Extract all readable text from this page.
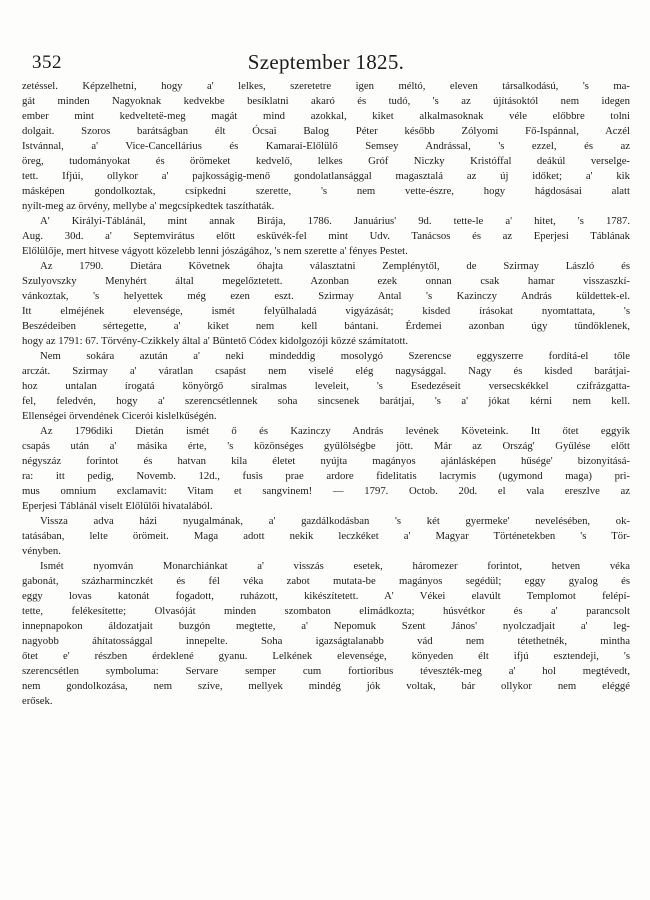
352	Szeptember 1825.
zetéssel. Képzelhetni, hogy a' lelkes, szeretetre igen méltó, eleven társalkodású, 's ma-
gát minden Nagyoknak kedvekbe besíklatni akaró és tudó, 's az újításoktól nem idegen
ember mint kedveltetë-meg magát mind azokkal, kiket alkalmasoknak véle előbbre tolni
dolgait. Szoros barátságban élt Ócsai Balog Péter később Zólyomi Fő-Ispánnal, Aczél
Istvánnal, a' Vice-Cancellárius és Kamarai-Előlülő Semsey Andrással, 's ezzel, és az
öreg, tudományokat és örömeket kedvelő, lelkes Gróf Niczky Kristóffal deákúl verselge-
tett. Ifjúi, ollykor a' pajkosságig-menő gondolatlansággal magasztalá az új időket; a' kik
másképen gondolkoztak, csípkedni szerette, 's nem vette-észre, hogy hágdosásai alatt
nyílt-meg az örvény, mellybe a' megcsípkedtek taszíthaták.
A' Királyi-Táblánál, mint annak Birája, 1786. Januárius' 9d. tette-le a' hitet, 's 1787.
Aug. 30d. a' Septemvirátus előtt esküvék-fel mint Udv. Tanácsos és az Eperjesi Táblának
Előlülője, mert hitvese vágyott közelebb lenni jószágához, 's nem szerette a' fényes Pestet.
Az 1790. Dietára Követnek óhajta választatni Zemplénytől, de Szirmay László és
Szulyovszky Menyhért által megelőztetett. Azonban ezek onnan csak hamar visszaszkí-
vánkoztak, 's helyettek még ezen eszt. Szirmay Antal 's Kazinczy András küldettek-el.
Itt elméjének elevensége, ismét felyülhaladá vigyázását; kisded írásokat nyomtattata, 's
Beszédeiben sértegette, a' kiket nem kell bántani. Érdemei azonban úgy tündöklenek,
hogy az 1791: 67. Törvény-Czikkely által a' Büntető Códex kidolgozóji közzé számítatott.
Nem sokára azután a' neki mindeddig mosolygó Szerencse eggyszerre fordítá-el tőle
arczát. Szirmay a' váratlan csapást nem viselé elég nagysággal. Nagy és kisded barátjai-
hoz untalan írogatá könyörgő siralmas leveleit, 's Esedezéseit versecskékkel czifrázgatta-
fel, feledvén, hogy a' szerencsétlennek soha sincsenek barátjai, 's a' jókat kérni nem kell.
Ellenségei örvendének Cicerói kislelkűségén.
Az 1796diki Dietán ismét ő és Kazinczy András levének Követeink. Itt őtet eggyik
csapás után a' másika érte, 's közönséges gyűlölségbe jött. Már az Ország' Gyűlése előtt
négyszáz forintot és hatvan kila életet nyújta magányos ajánlásképen hűsége' bizonyításá-
ra: itt pedig, Novemb. 12d., fusis prae ardore fidelitatis lacrymis (ugymond maga) pri-
mus omnium exclamavit: Vitam et sangvinem! — 1797. Octob. 20d. el vala ereszlve az
Eperjesi Táblánál viselt Előlülői hivatalából.
Vissza adva házi nyugalmának, a' gazdálkodásban 's két gyermeke' nevelésében, ok-
tatásában, lelte örömeit. Maga adott nekik leczkéket a' Magyar Történetekben 's Tör-
vényben.
Ismét nyomván Monarchiánkat a' visszás esetek, háromezer forintot, hetven véka
gabonát, százharminczkét és fél véka zabot mutata-be magányos segédül; eggy gyalog és
eggy lovas katonát fogadott, ruházott, kikészítetett. A' Vékei elavúlt Templomot felépí-
tette, felékesítette; Olvasóját minden szombaton elimádkozta; húsvétkor és a' parancsolt
innepnapokon áldozatjait buzgón megtette, a' Nepomuk Szent János' nyolczadjait a' leg-
nagyobb áhítatossággal innepelte. Soha igazságtalanabb vád nem tétethetnék, mintha
őtet e' részben érdeklené gyanu. Lelkének elevensége, könyeden élt ifjú esztendeji, 's
szerencsétlen symboluma: Servare semper cum fortioribus téveszték-meg a' hol megtévedt,
nem gondolkozása, nem szíve, mellyek mindég jók voltak, bár ollykor nem eléggé
erősek.
